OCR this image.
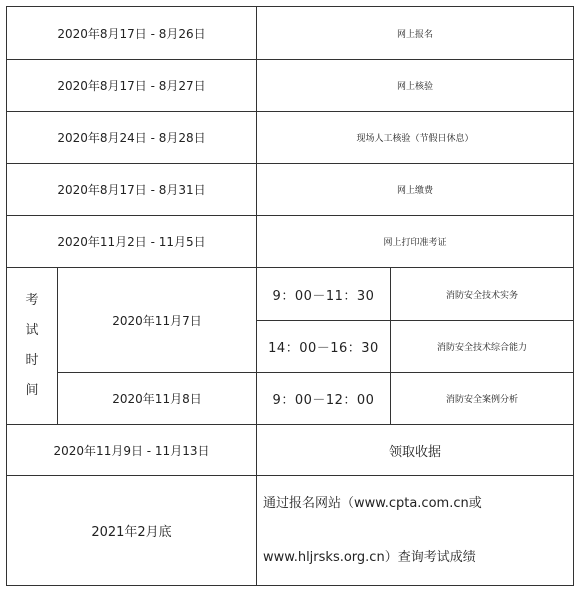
2020年8月17日 - 8月26日		网上报名	
2020年8月17日 - 8月27日		网上核验	
2020年8月24日 - 8月28日		现场人工核验（节假日休息）	
2020年8月17日 - 8月31日		网上缴费	
2020年11月2日 - 11月5日		网上打印准考证	

考
试
时
间	2020年11月7日	9：00－11：30	消防安全技术实务
		14：00－16：30	消防安全技术综合能力
	2020年11月8日	9：00－12：00	消防安全案例分析
2020年11月9日 - 11月13日		领取收据	
2021年2月底		通过报名网站（www.cpta.com.cn或
www.hljrsks.org.cn）查询考试成绩	
